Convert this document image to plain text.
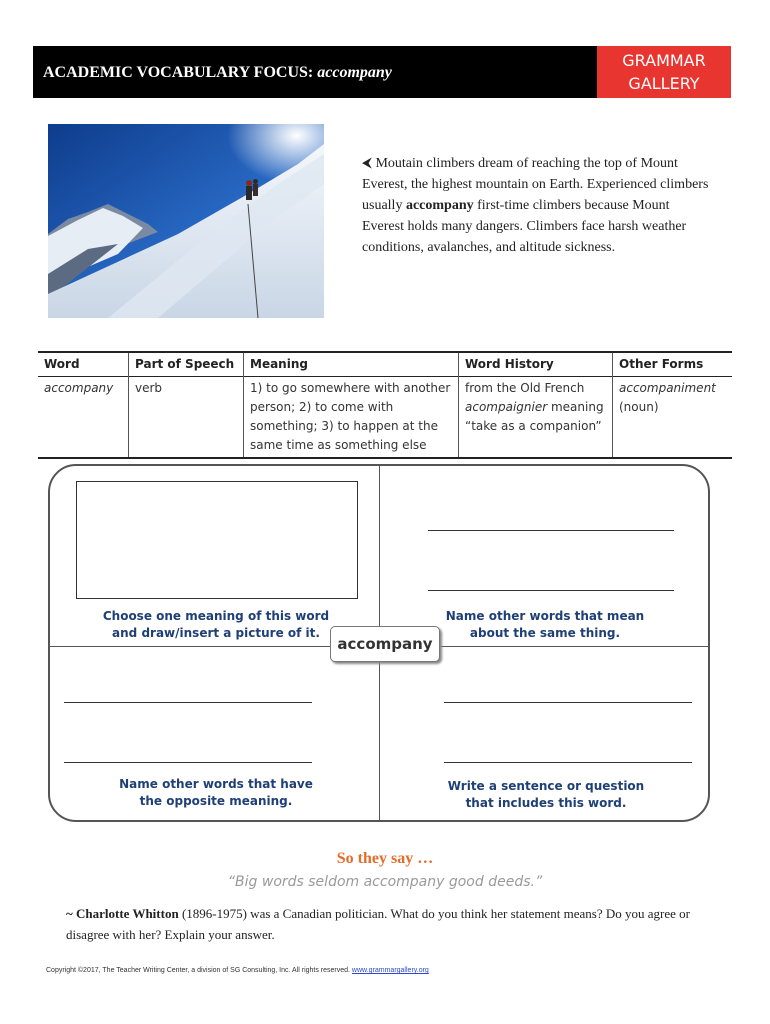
ACADEMIC VOCABULARY FOCUS: accompany
GRAMMAR
GALLERY
⮜ Moutain climbers dream of reaching the top of Mount Everest, the highest mountain on Earth. Experienced climbers usually accompany first-time climbers because Mount Everest holds many dangers. Climbers face harsh weather conditions, avalanches, and altitude sickness.
Word	Part of Speech	Meaning	Word History	Other Forms
accompany	verb	1) to go somewhere with another person; 2) to come with something; 3) to happen at the same time as something else	from the Old French acompaignier meaning “take as a companion”	accompaniment
(noun)
Choose one meaning of this word and draw/insert a picture of it.
Name other words that mean about the same thing.
Name other words that have the opposite meaning.
Write a sentence or question that includes this word.
accompany
So they say …
“Big words seldom accompany good deeds.”
~ Charlotte Whitton (1896-1975) was a Canadian politician. What do you think her statement means? Do you agree or disagree with her? Explain your answer.
Copyright ©2017, The Teacher Writing Center, a division of SG Consulting, Inc. All rights reserved. www.grammargallery.org
